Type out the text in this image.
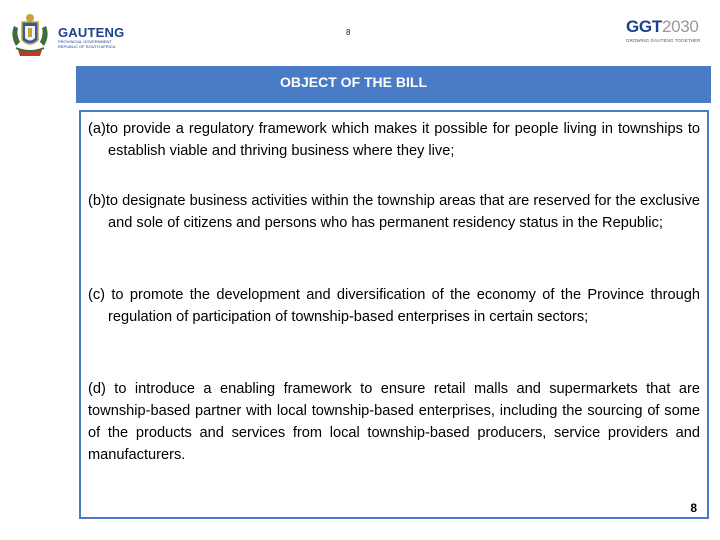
GAUTENG
PROVINCIAL GOVERNMENT REPUBLIC OF SOUTH AFRICA
8	GGT2030
GROWING GAUTENG TOGETHER
OBJECT OF THE BILL
(a)to provide a regulatory framework which makes it possible for people living in townships to establish viable and thriving business where they live;
(b)to designate business activities within the township areas that are reserved for the exclusive and sole of citizens and persons who has permanent residency status in the Republic;
(c) to promote the development and diversification of the economy of the Province through regulation of participation of township-based enterprises in certain sectors;
(d) to introduce a enabling framework to ensure retail malls and supermarkets that are township-based partner with local township-based enterprises, including the sourcing of some of the products and services from local township-based producers, service providers and manufacturers.
8
